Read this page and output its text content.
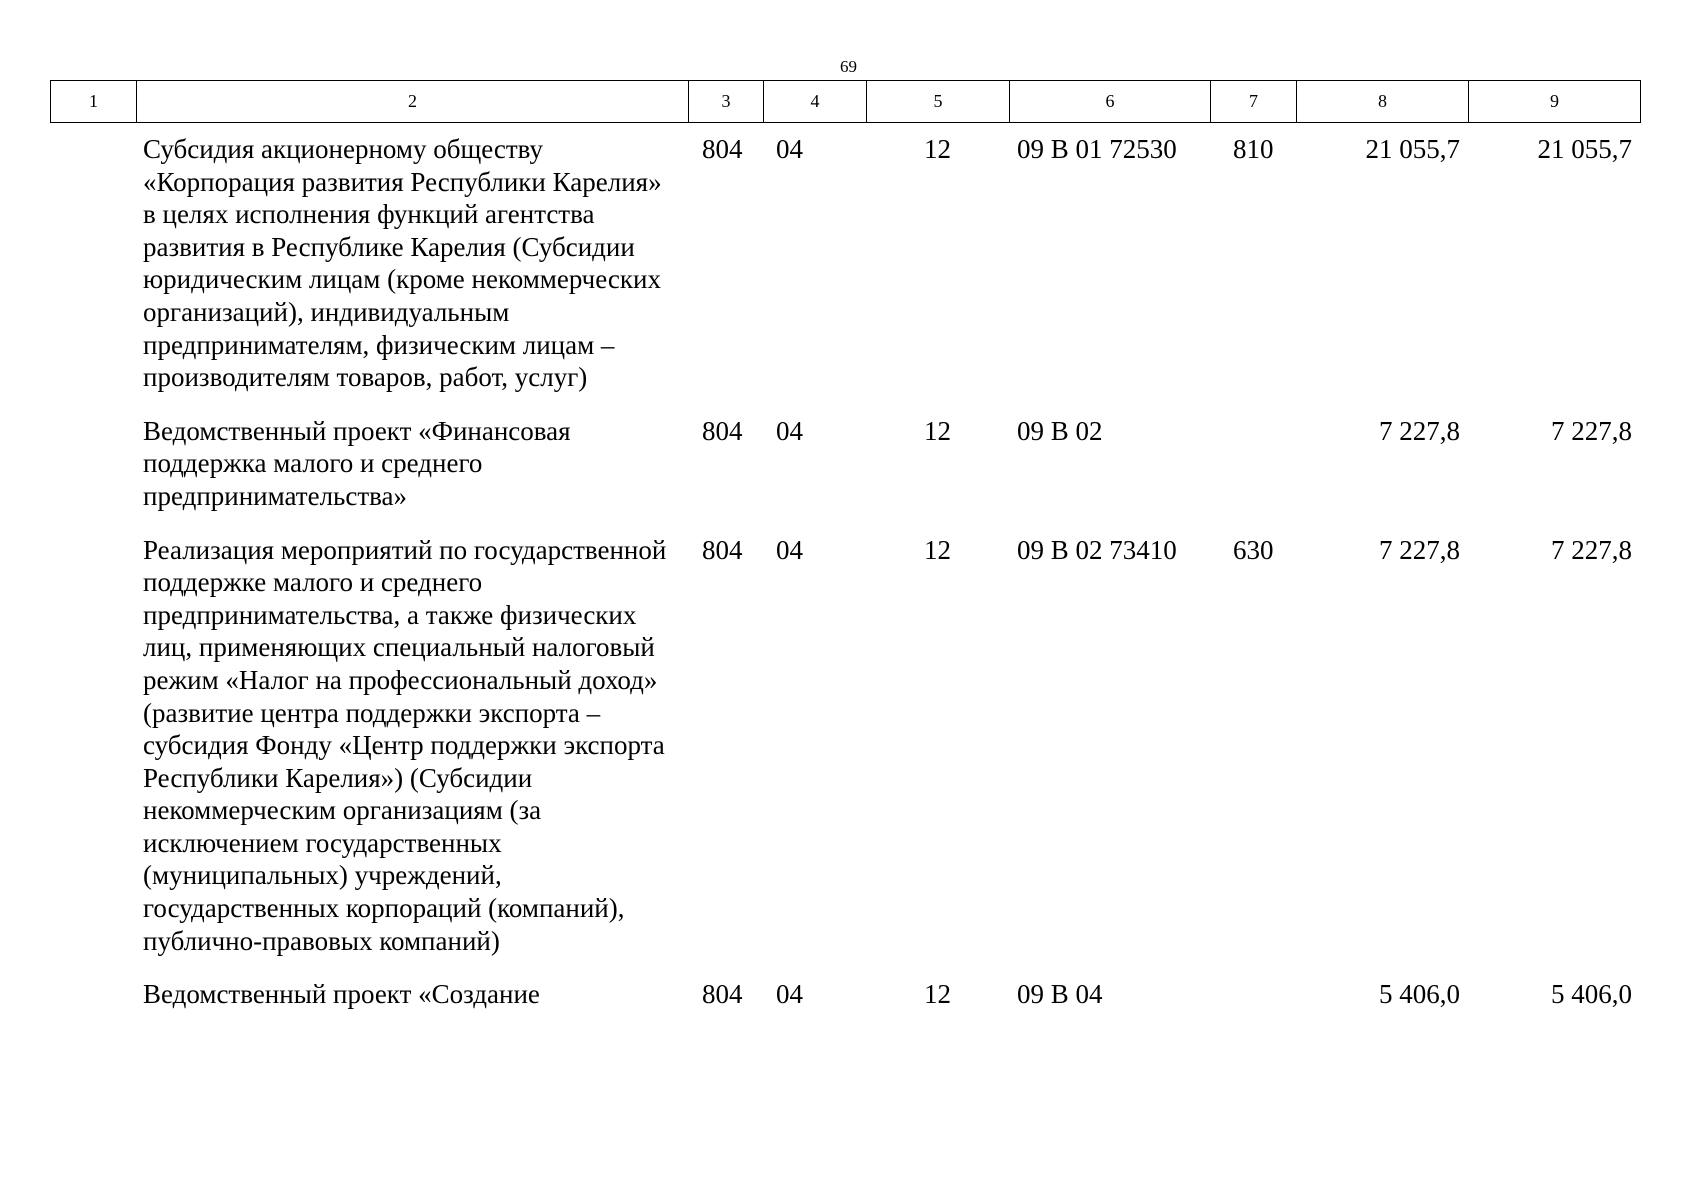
69
1	2	3	4	5	6	7	8	9
Субсидия акционерному обществу «Корпорация развития Республики Карелия» в целях исполнения функций агентства развития в Республике Карелия (Субсидии юридическим лицам (кроме некоммерческих организаций), индивидуальным предпринимателям, физическим лицам – производителям товаров, работ, услуг)	804	04	12	09 В 01 72530	810	21 055,7	21 055,7
Ведомственный проект «Финансовая поддержка малого и среднего предпринимательства»	804	04	12	09 В 02		7 227,8	7 227,8
Реализация мероприятий по государственной поддержке малого и среднего предпринимательства, а также физических лиц, применяющих специальный налоговый режим «Налог на профессиональный доход» (развитие центра поддержки экспорта – субсидия Фонду «Центр поддержки экспорта Республики Карелия») (Субсидии некоммерческим организациям (за исключением государственных (муниципальных) учреждений, государственных корпораций (компаний), публично-правовых компаний)	804	04	12	09 В 02 73410	630	7 227,8	7 227,8
Ведомственный проект «Создание	804	04	12	09 В 04		5 406,0	5 406,0
